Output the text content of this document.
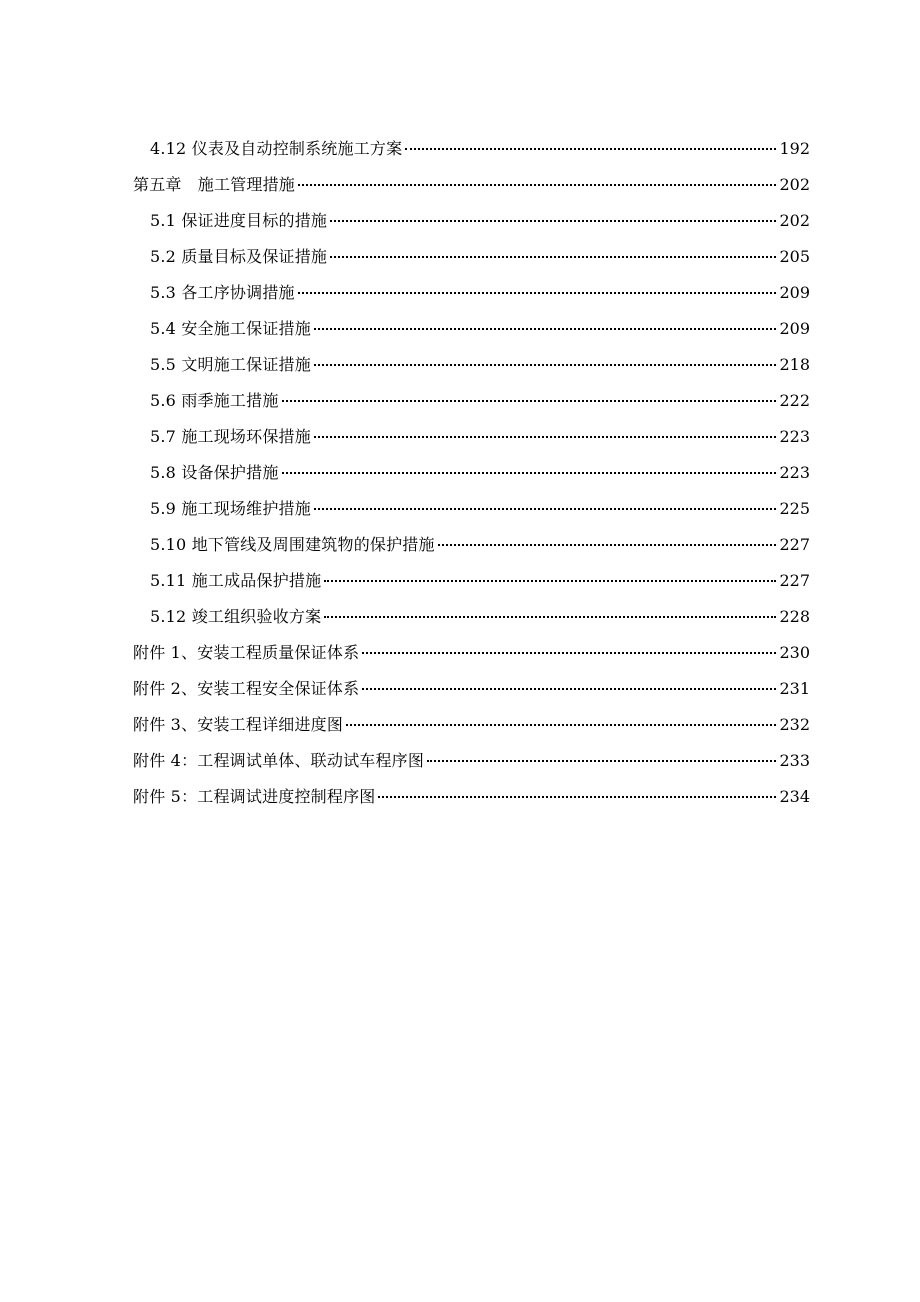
4.12 仪表及自动控制系统施工方案	192
第五章　施工管理措施	202
5.1 保证进度目标的措施	202
5.2 质量目标及保证措施	205
5.3 各工序协调措施	209
5.4 安全施工保证措施	209
5.5 文明施工保证措施	218
5.6 雨季施工措施	222
5.7 施工现场环保措施	223
5.8 设备保护措施	223
5.9 施工现场维护措施	225
5.10 地下管线及周围建筑物的保护措施	227
5.11 施工成品保护措施	227
5.12 竣工组织验收方案	228
附件 1、安装工程质量保证体系	230
附件 2、安装工程安全保证体系	231
附件 3、安装工程详细进度图	232
附件 4：工程调试单体、联动试车程序图	233
附件 5：工程调试进度控制程序图	234
